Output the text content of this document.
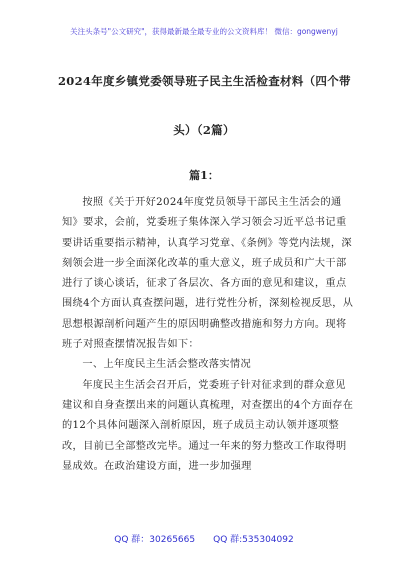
关注头条号"公文研究"，获得最新最全最专业的公文资料库！ 微信：gongwenyj
2024年度乡镇党委领导班子民主生活检查材料（四个带
头）（2篇）
篇1：

按照《关于开好2024年度党员领导干部民主生活会的通知》要求，会前，党委班子集体深入学习领会习近平总书记重要讲话重要指示精神，认真学习党章、《条例》等党内法规，深刻领会进一步全面深化改革的重大意义，班子成员和广大干部进行了谈心谈话，征求了各层次、各方面的意见和建议，重点围绕4个方面认真查摆问题，进行党性分析，深刻检视反思，从思想根源剖析问题产生的原因明确整改措施和努力方向。现将班子对照查摆情况报告如下：

一、上年度民主生活会整改落实情况

年度民主生活会召开后，党委班子针对征求到的群众意见建议和自身查摆出来的问题认真梳理，对查摆出的4个方面存在的12个具体问题深入剖析原因，班子成员主动认领并逐项整改，目前已全部整改完毕。通过一年来的努力整改工作取得明显成效。在政治建设方面，进一步加强理

QQ 群：30265665 QQ 群:535304092
